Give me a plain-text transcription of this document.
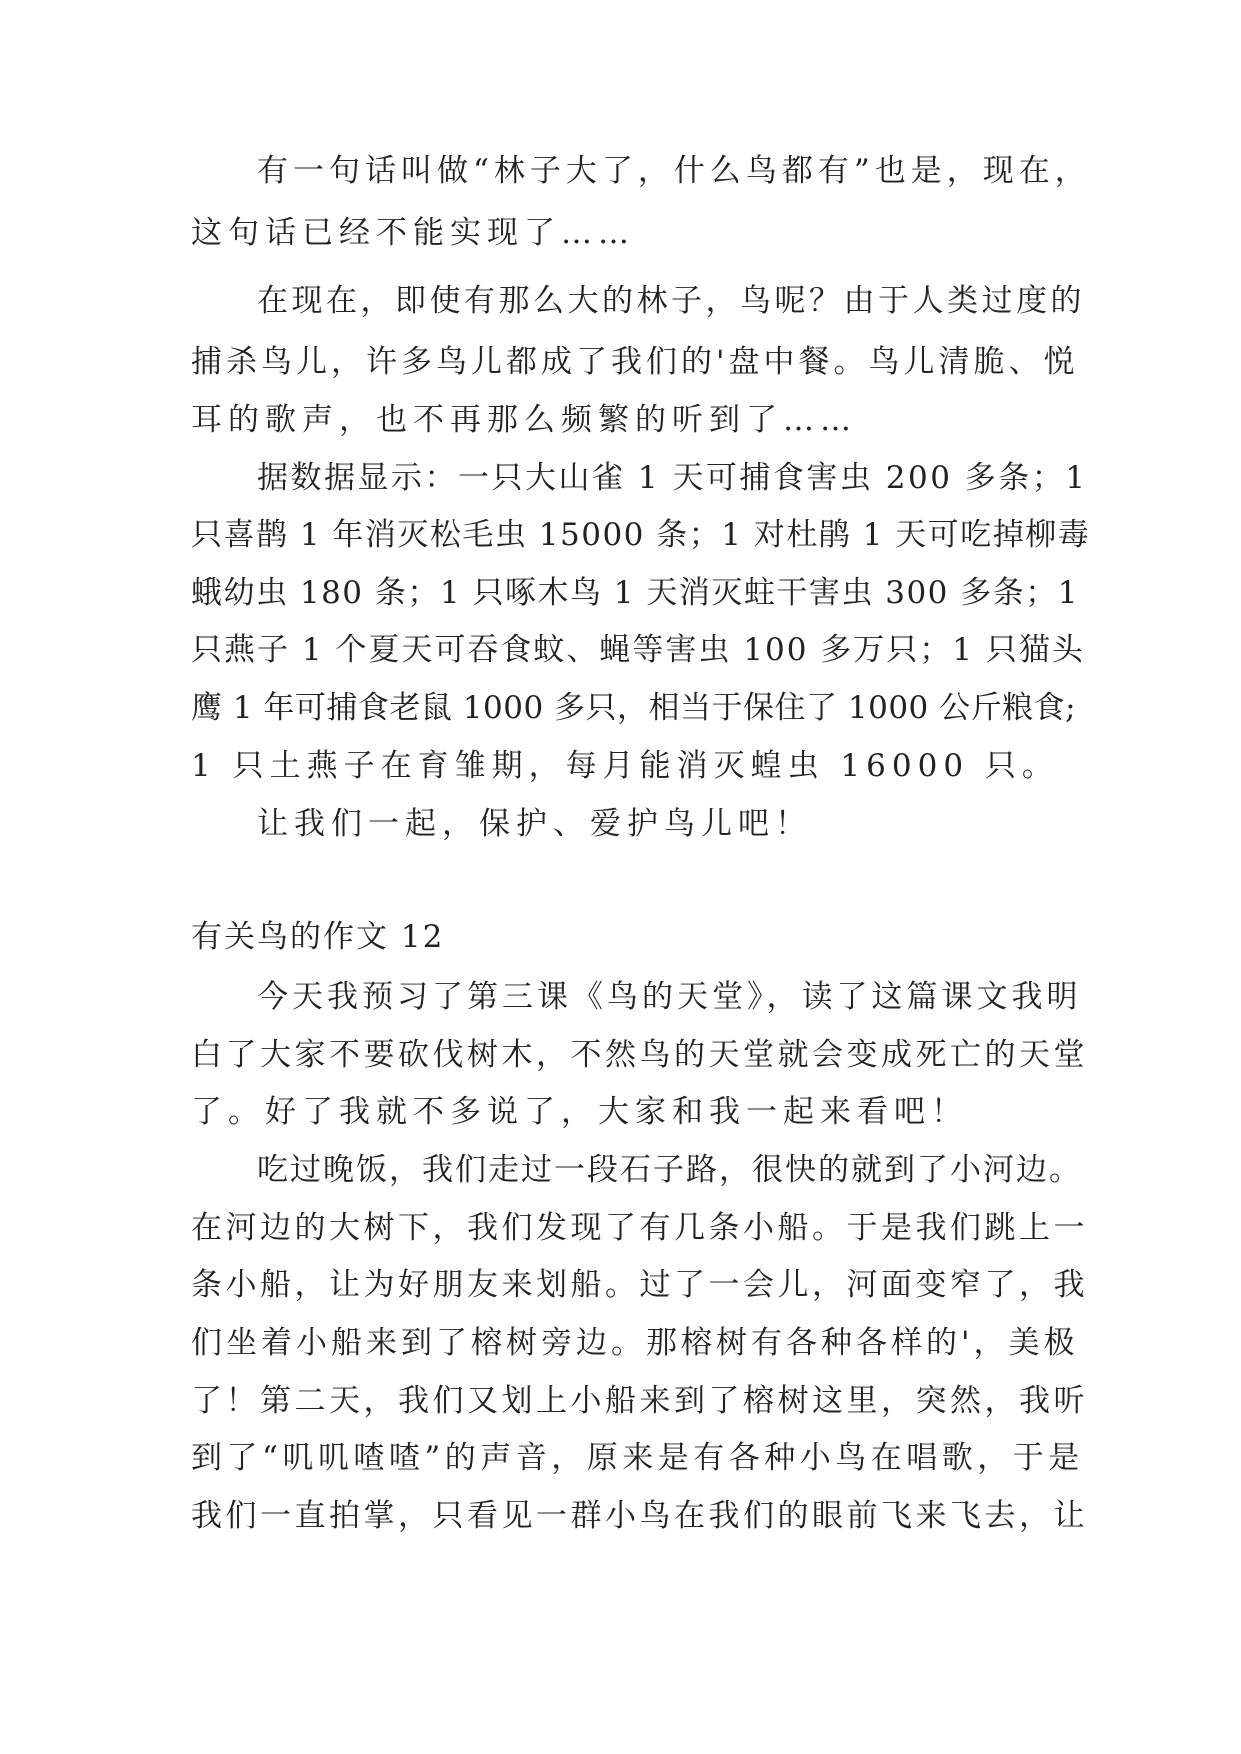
有一句话叫做“林子大了，什么鸟都有”也是，现在，

这句话已经不能实现了……

在现在，即使有那么大的林子，鸟呢？由于人类过度的

捕杀鸟儿，许多鸟儿都成了我们的'盘中餐。鸟儿清脆、悦

耳的歌声，也不再那么频繁的听到了……

据数据显示：一只大山雀 1 天可捕食害虫 200 多条；1

只喜鹊 1 年消灭松毛虫 15000 条；1 对杜鹃 1 天可吃掉柳毒

蛾幼虫 180 条；1 只啄木鸟 1 天消灭蛀干害虫 300 多条；1

只燕子 1 个夏天可吞食蚊、蝇等害虫 100 多万只；1 只猫头

鹰 1 年可捕食老鼠 1000 多只，相当于保住了 1000 公斤粮食;

1 只土燕子在育雏期，每月能消灭蝗虫 16000 只。

让我们一起，保护、爱护鸟儿吧！

有关鸟的作文 12

今天我预习了第三课《鸟的天堂》，读了这篇课文我明

白了大家不要砍伐树木，不然鸟的天堂就会变成死亡的天堂

了。好了我就不多说了，大家和我一起来看吧！

吃过晚饭，我们走过一段石子路，很快的就到了小河边。

在河边的大树下，我们发现了有几条小船。于是我们跳上一

条小船，让为好朋友来划船。过了一会儿，河面变窄了，我

们坐着小船来到了榕树旁边。那榕树有各种各样的'，美极

了！第二天，我们又划上小船来到了榕树这里，突然，我听

到了“叽叽喳喳”的声音，原来是有各种小鸟在唱歌，于是

我们一直拍掌，只看见一群小鸟在我们的眼前飞来飞去，让
